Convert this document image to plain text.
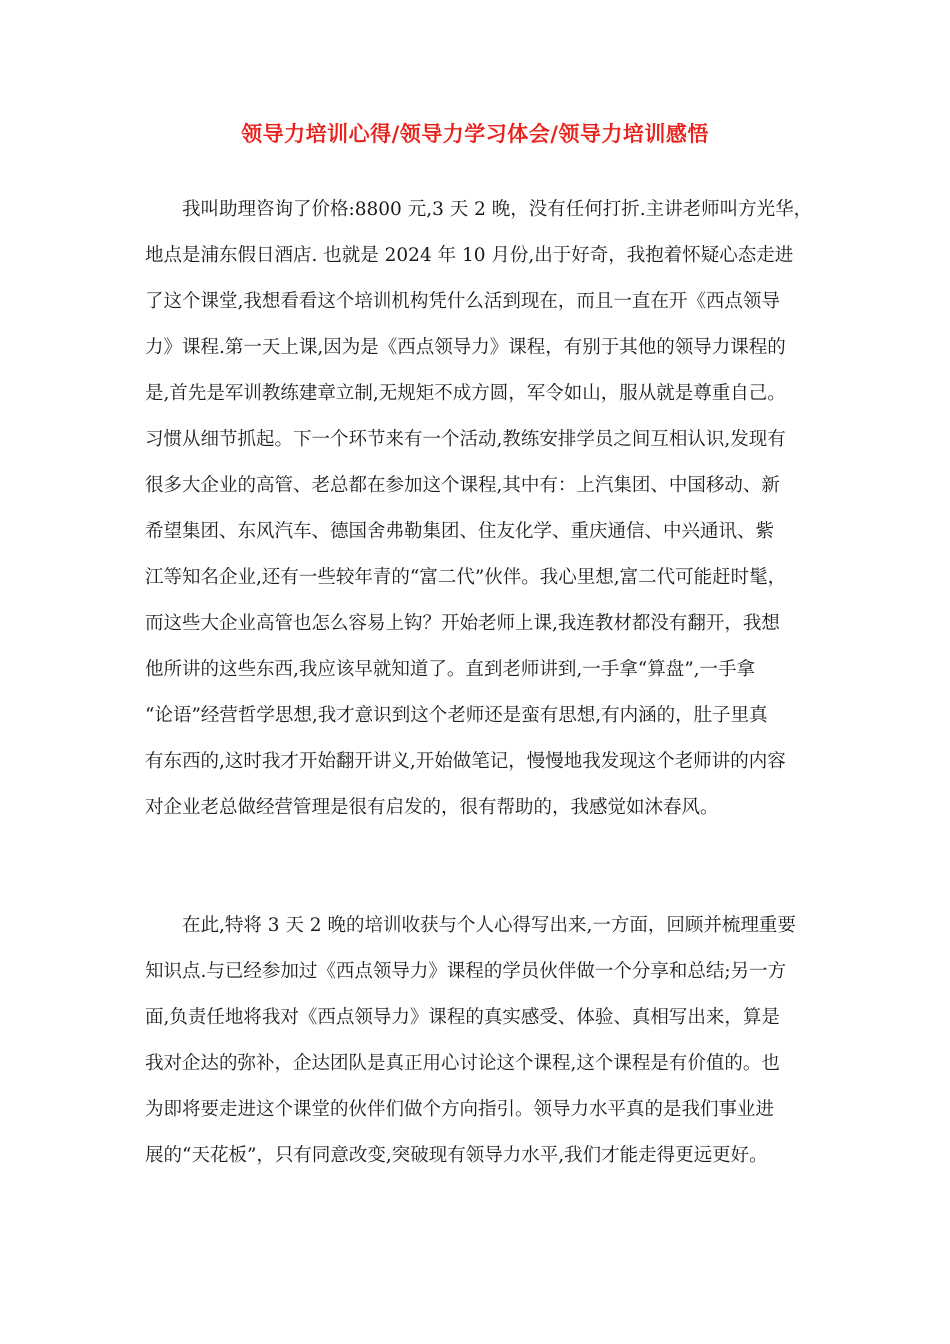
领导力培训心得/领导力学习体会/领导力培训感悟
我叫助理咨询了价格:8800 元,3 天 2 晚，没有任何打折.主讲老师叫方光华，
地点是浦东假日酒店. 也就是 2024 年 10 月份,出于好奇，我抱着怀疑心态走进
了这个课堂,我想看看这个培训机构凭什么活到现在，而且一直在开《西点领导
力》课程.第一天上课,因为是《西点领导力》课程，有别于其他的领导力课程的
是,首先是军训教练建章立制,无规矩不成方圆，军令如山，服从就是尊重自己。
习惯从细节抓起。下一个环节来有一个活动,教练安排学员之间互相认识,发现有
很多大企业的高管、老总都在参加这个课程,其中有：上汽集团、中国移动、新
希望集团、东风汽车、德国舍弗勒集团、住友化学、重庆通信、中兴通讯、紫
江等知名企业,还有一些较年青的“富二代”伙伴。我心里想,富二代可能赶时髦，
而这些大企业高管也怎么容易上钩？开始老师上课,我连教材都没有翻开，我想
他所讲的这些东西,我应该早就知道了。直到老师讲到,一手拿“算盘”,一手拿
“论语”经营哲学思想,我才意识到这个老师还是蛮有思想,有内涵的，肚子里真
有东西的,这时我才开始翻开讲义,开始做笔记，慢慢地我发现这个老师讲的内容
对企业老总做经营管理是很有启发的，很有帮助的，我感觉如沐春风。
在此,特将 3 天 2 晚的培训收获与个人心得写出来,一方面，回顾并梳理重要
知识点.与已经参加过《西点领导力》课程的学员伙伴做一个分享和总结;另一方
面,负责任地将我对《西点领导力》课程的真实感受、体验、真相写出来，算是
我对企达的弥补，企达团队是真正用心讨论这个课程,这个课程是有价值的。也
为即将要走进这个课堂的伙伴们做个方向指引。领导力水平真的是我们事业进
展的“天花板”，只有同意改变,突破现有领导力水平,我们才能走得更远更好。
